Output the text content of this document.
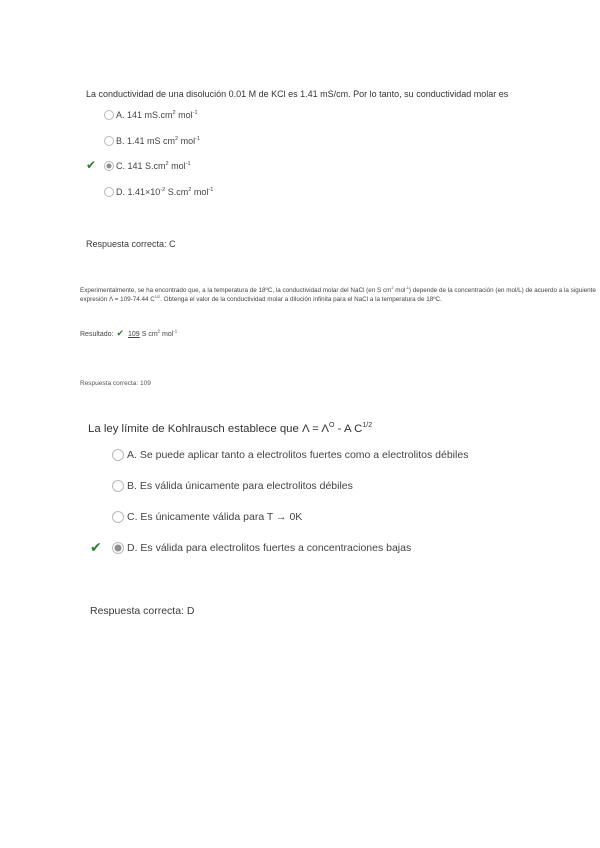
La conductividad de una disolución 0.01 M de KCl es 1.41 mS/cm. Por lo tanto, su conductividad molar es
A. 141 $mS.cm^2$ mol$^{-1}$
B. 1.41 mS $cm^2$ mol$^{-1}$
✔ C. 141 $S.cm^2$ mol$^{-1}$
D. $1.41\times 10^{-2}$ $S.cm^2$ mol$^{-1}$
Respuesta correcta: C
Experimentalmente, se ha encontrado que, a la temperatura de 18ºC, la conductividad molar del NaCl (en S $cm^2$ mol$^{-1}$) depende de la concentración (en mol/L) de acuerdo a la siguiente expresión Λ = 109-74.44 $C^{1/2}$. Obtenga el valor de la conductividad molar a dilución infinita para el NaCl a la temperatura de 18ºC.
Resultado: ✔ 109 S $cm^2$ mol$^{-1}$
Respuesta correcta: 109
La ley límite de Kohlrausch establece que $\Lambda = \Lambda^O - A$ $C^{1/2}$
A. Se puede aplicar tanto a electrolitos fuertes como a electrolitos débiles
B. Es válida únicamente para electrolitos débiles
C. Es únicamente válida para T → 0K
✔ D. Es válida para electrolitos fuertes a concentraciones bajas
Respuesta correcta: D
